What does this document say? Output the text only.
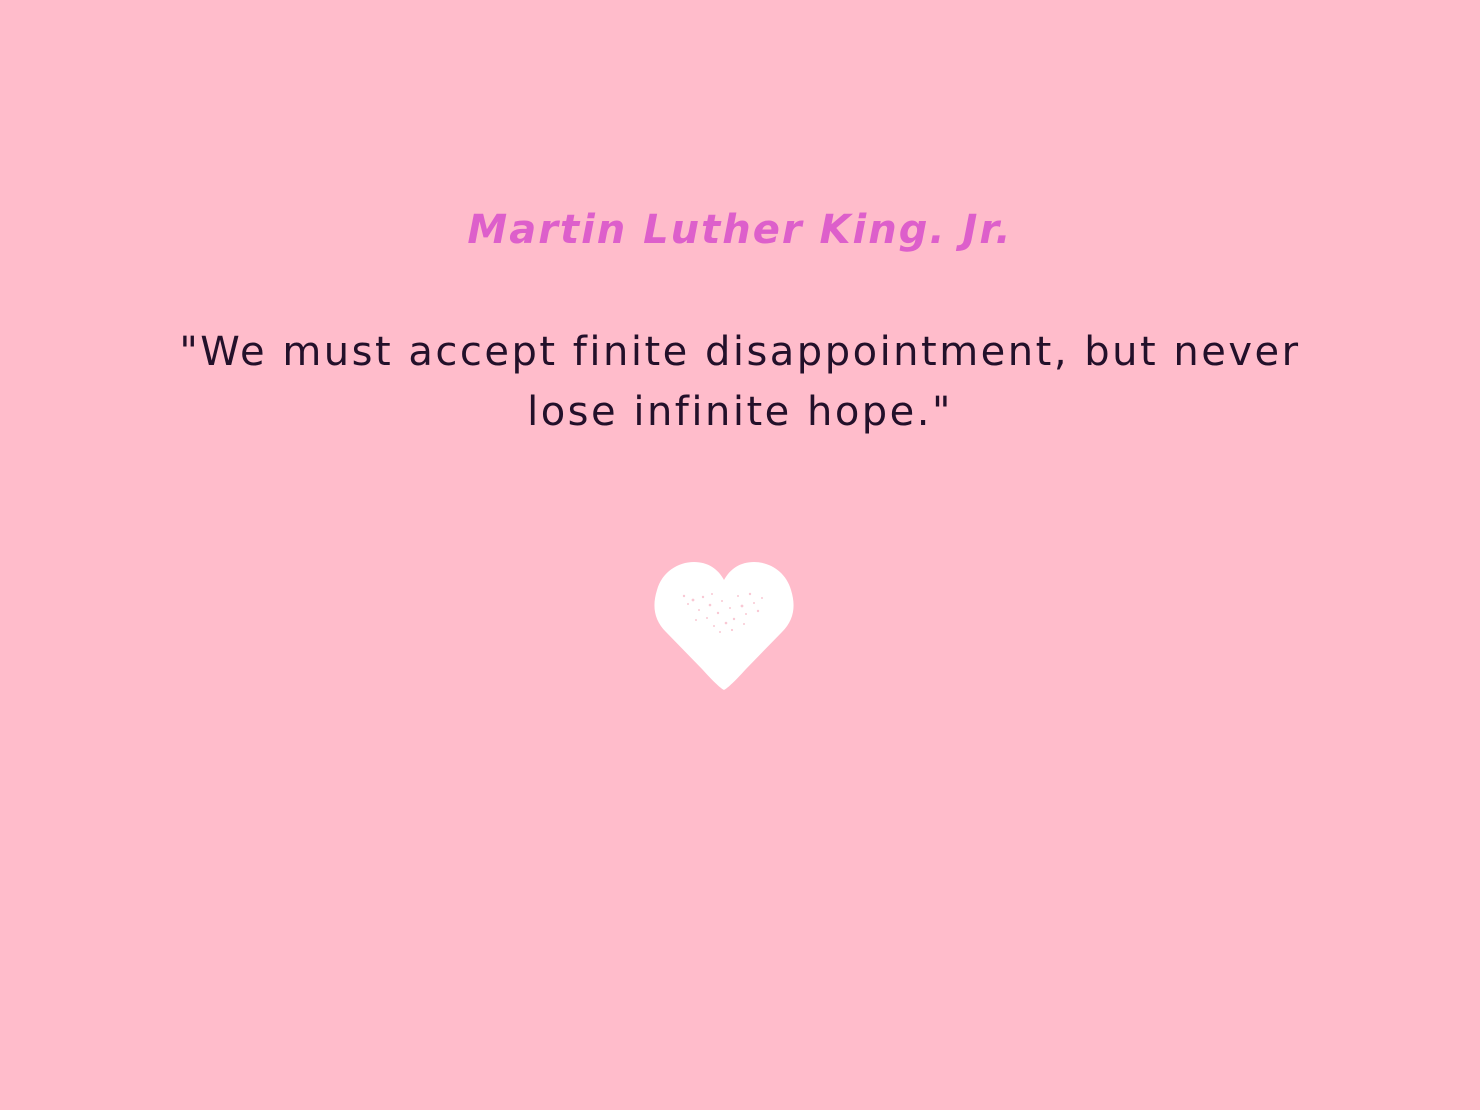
Martin Luther King. Jr.

"We must accept finite disappointment, but never lose infinite hope."
